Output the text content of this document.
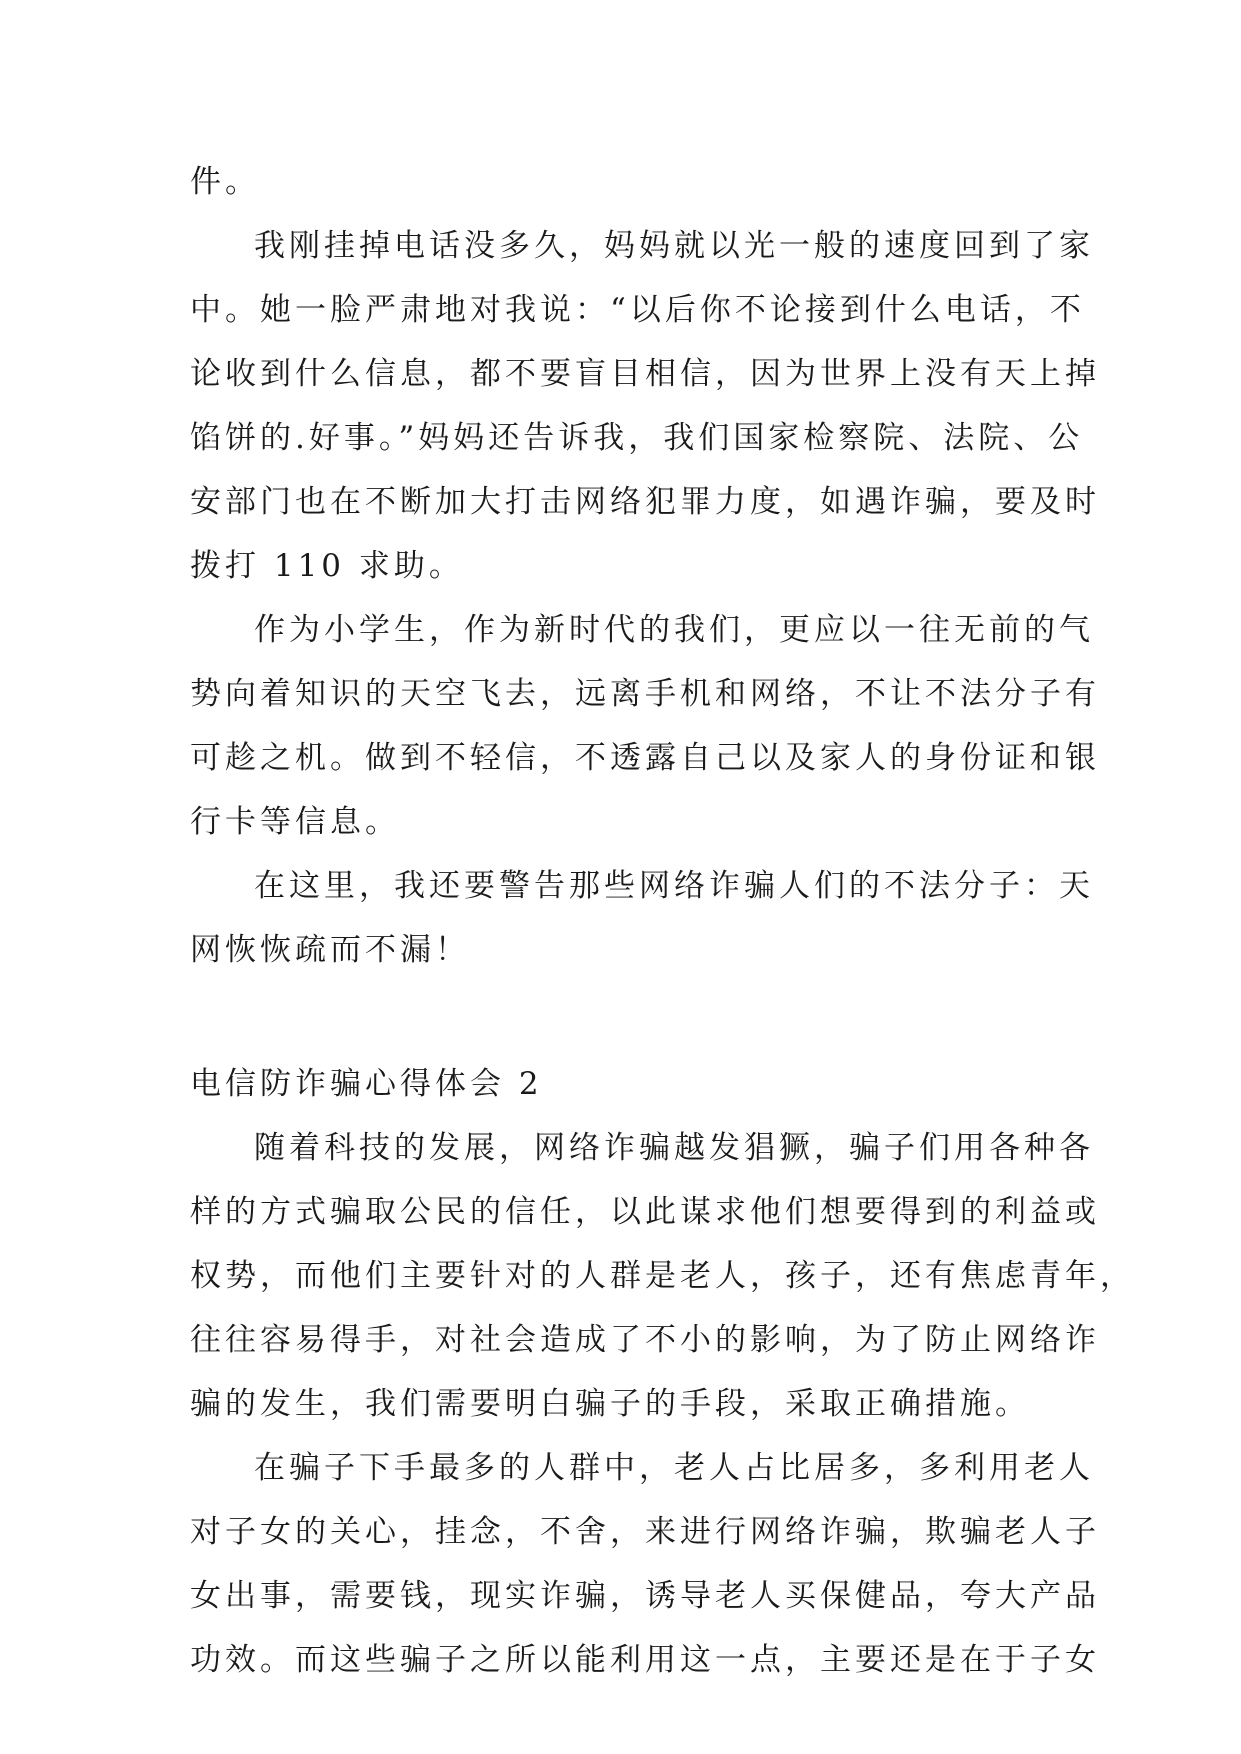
件。
我刚挂掉电话没多久，妈妈就以光一般的速度回到了家
中。她一脸严肃地对我说：“以后你不论接到什么电话，不
论收到什么信息，都不要盲目相信，因为世界上没有天上掉
馅饼的.好事。”妈妈还告诉我，我们国家检察院、法院、公
安部门也在不断加大打击网络犯罪力度，如遇诈骗，要及时
拨打 110 求助。
作为小学生，作为新时代的我们，更应以一往无前的气
势向着知识的天空飞去，远离手机和网络，不让不法分子有
可趁之机。做到不轻信，不透露自己以及家人的身份证和银
行卡等信息。
在这里，我还要警告那些网络诈骗人们的不法分子：天
网恢恢疏而不漏！
电信防诈骗心得体会 2
随着科技的发展，网络诈骗越发猖獗，骗子们用各种各
样的方式骗取公民的信任，以此谋求他们想要得到的利益或
权势，而他们主要针对的人群是老人，孩子，还有焦虑青年，
往往容易得手，对社会造成了不小的影响，为了防止网络诈
骗的发生，我们需要明白骗子的手段，采取正确措施。
在骗子下手最多的人群中，老人占比居多，多利用老人
对子女的关心，挂念，不舍，来进行网络诈骗，欺骗老人子
女出事，需要钱，现实诈骗，诱导老人买保健品，夸大产品
功效。而这些骗子之所以能利用这一点，主要还是在于子女
